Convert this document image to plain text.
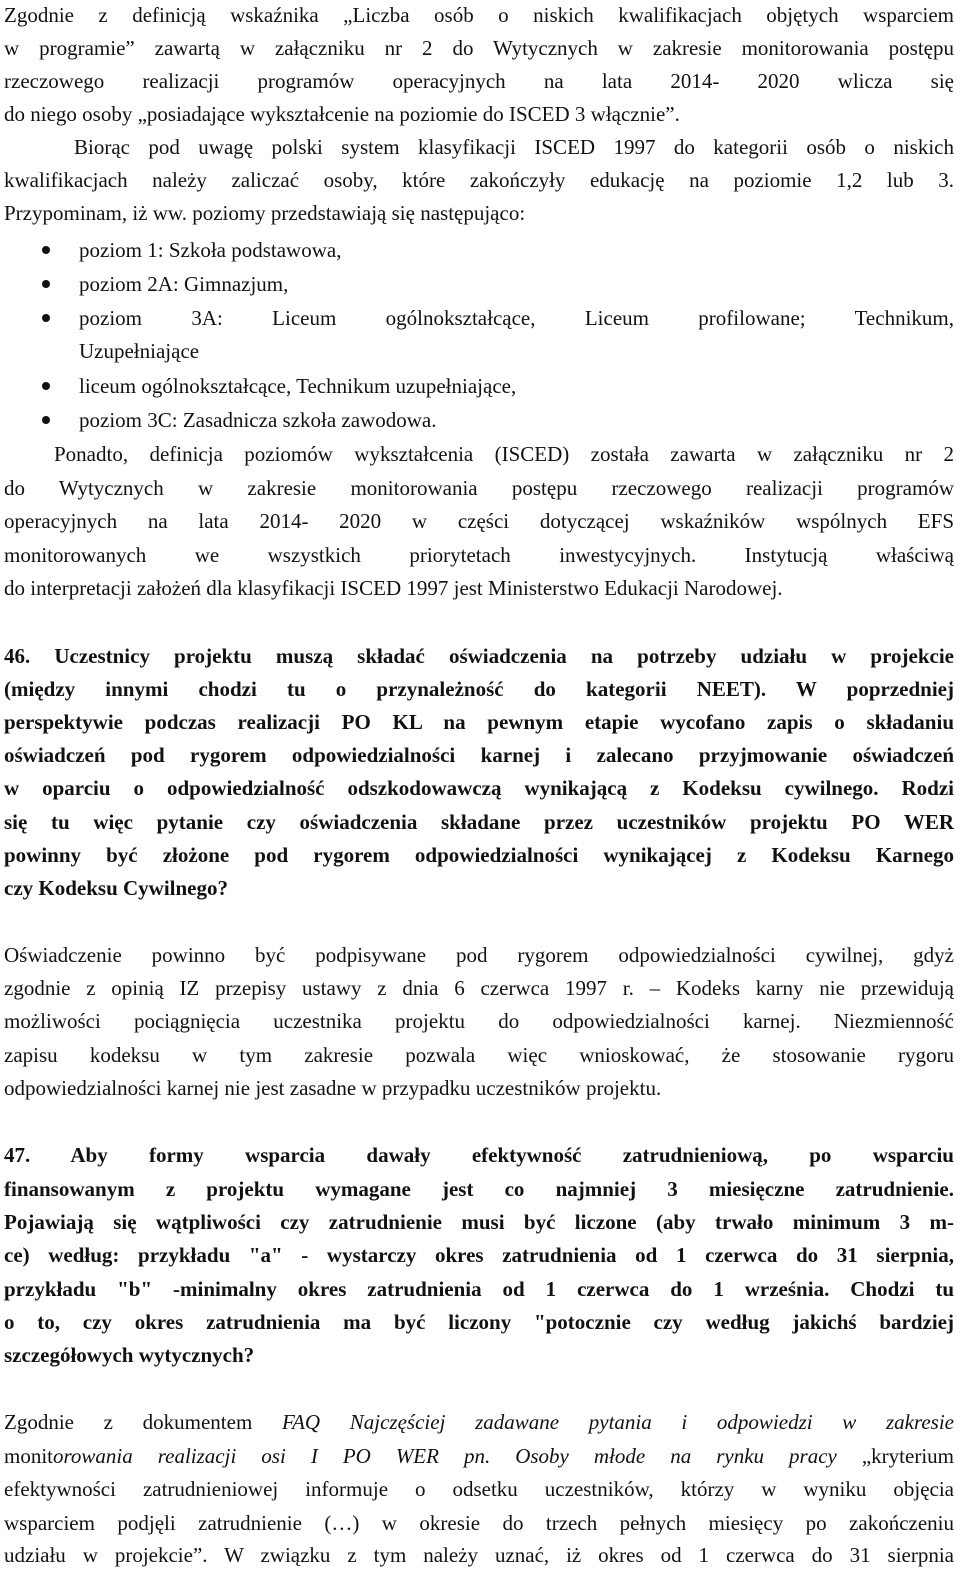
Zgodnie z definicją wskaźnika „Liczba osób o niskich kwalifikacjach objętych wsparciem
w programie” zawartą w załączniku nr 2 do Wytycznych w zakresie monitorowania postępu
rzeczowego realizacji programów operacyjnych na lata 2014- 2020 wlicza się
do niego osoby „posiadające wykształcenie na poziomie do ISCED 3 włącznie”.
Biorąc pod uwagę polski system klasyfikacji ISCED 1997 do kategorii osób o niskich
kwalifikacjach należy zaliczać osoby, które zakończyły edukację na poziomie 1,2 lub 3.
Przypominam, iż ww. poziomy przedstawiają się następująco:
poziom 1: Szkoła podstawowa,
poziom 2A: Gimnazjum,
poziom 3A: Liceum ogólnokształcące, Liceum profilowane; Technikum,
Uzupełniające
liceum ogólnokształcące, Technikum uzupełniające,
poziom 3C: Zasadnicza szkoła zawodowa.
Ponadto, definicja poziomów wykształcenia (ISCED) została zawarta w załączniku nr 2
do Wytycznych w zakresie monitorowania postępu rzeczowego realizacji programów
operacyjnych na lata 2014- 2020 w części dotyczącej wskaźników wspólnych EFS
monitorowanych we wszystkich priorytetach inwestycyjnych. Instytucją właściwą
do interpretacji założeń dla klasyfikacji ISCED 1997 jest Ministerstwo Edukacji Narodowej.
46. Uczestnicy projektu muszą składać oświadczenia na potrzeby udziału w projekcie
(między innymi chodzi tu o przynależność do kategorii NEET). W poprzedniej
perspektywie podczas realizacji PO KL na pewnym etapie wycofano zapis o składaniu
oświadczeń pod rygorem odpowiedzialności karnej i zalecano przyjmowanie oświadczeń
w oparciu o odpowiedzialność odszkodowawczą wynikającą z Kodeksu cywilnego. Rodzi
się tu więc pytanie czy oświadczenia składane przez uczestników projektu PO WER
powinny być złożone pod rygorem odpowiedzialności wynikającej z Kodeksu Karnego
czy Kodeksu Cywilnego?
Oświadczenie powinno być podpisywane pod rygorem odpowiedzialności cywilnej, gdyż
zgodnie z opinią IZ przepisy ustawy z dnia 6 czerwca 1997 r. – Kodeks karny nie przewidują
możliwości pociągnięcia uczestnika projektu do odpowiedzialności karnej. Niezmienność
zapisu kodeksu w tym zakresie pozwala więc wnioskować, że stosowanie rygoru
odpowiedzialności karnej nie jest zasadne w przypadku uczestników projektu.
47. Aby formy wsparcia dawały efektywność zatrudnieniową, po wsparciu
finansowanym z projektu wymagane jest co najmniej 3 miesięczne zatrudnienie.
Pojawiają się wątpliwości czy zatrudnienie musi być liczone (aby trwało minimum 3 m-
ce) według: przykładu "a" - wystarczy okres zatrudnienia od 1 czerwca do 31 sierpnia,
przykładu "b" -minimalny okres zatrudnienia od 1 czerwca do 1 września. Chodzi tu
o to, czy okres zatrudnienia ma być liczony "potocznie czy według jakichś bardziej
szczegółowych wytycznych?
Zgodnie z dokumentem FAQ Najczęściej zadawane pytania i odpowiedzi w zakresie
monitorowania realizacji osi I PO WER pn. Osoby młode na rynku pracy „kryterium
efektywności zatrudnieniowej informuje o odsetku uczestników, którzy w wyniku objęcia
wsparciem podjęli zatrudnienie (…) w okresie do trzech pełnych miesięcy po zakończeniu
udziału w projekcie”. W związku z tym należy uznać, iż okres od 1 czerwca do 31 sierpnia
